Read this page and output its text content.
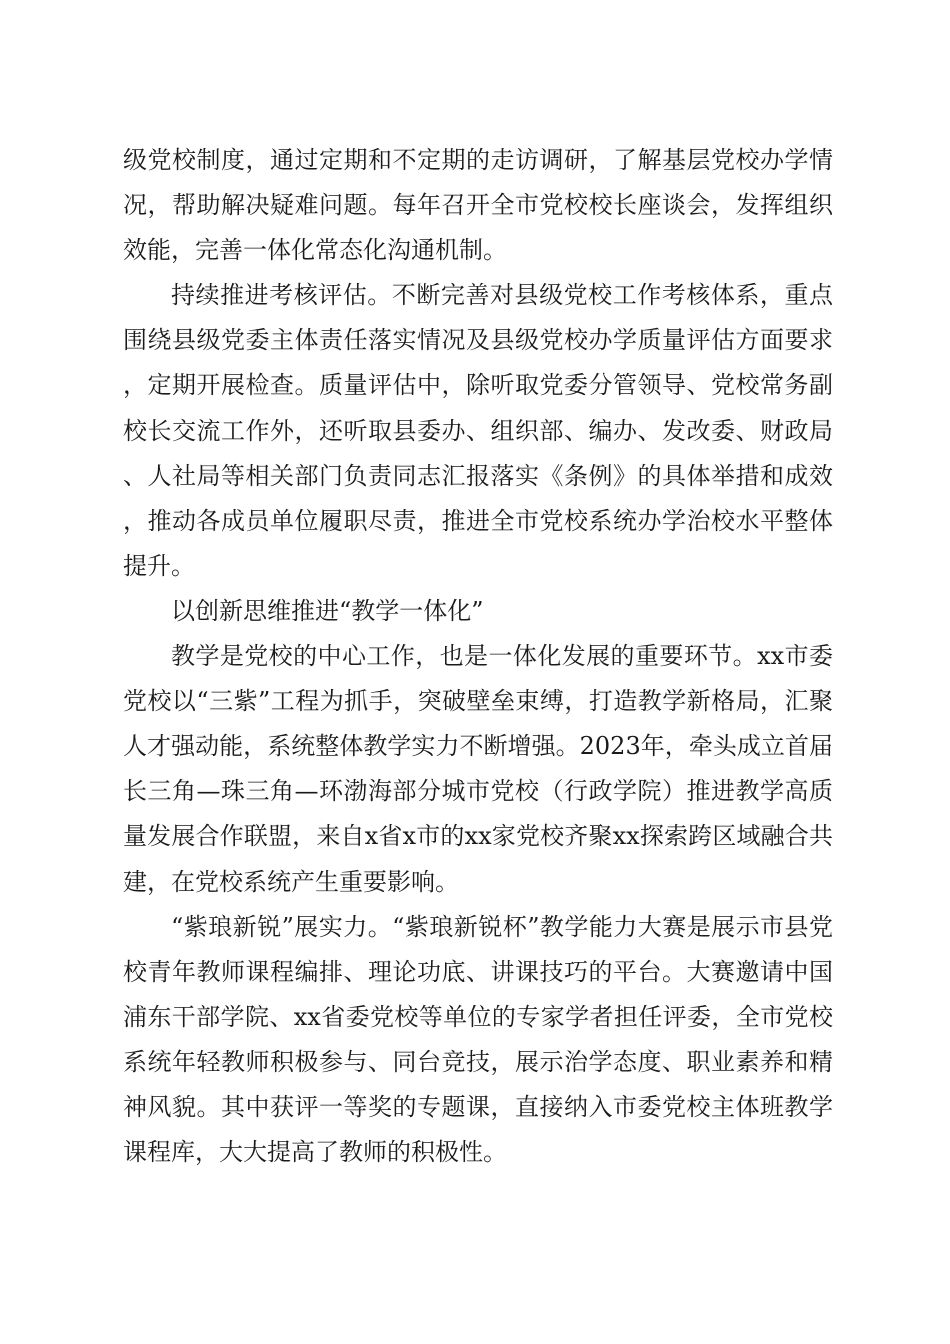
级党校制度，通过定期和不定期的走访调研，了解基层党校办学情况，帮助解决疑难问题。每年召开全市党校校长座谈会，发挥组织效能，完善一体化常态化沟通机制。

持续推进考核评估。不断完善对县级党校工作考核体系，重点围绕县级党委主体责任落实情况及县级党校办学质量评估方面要求，定期开展检查。质量评估中，除听取党委分管领导、党校常务副校长交流工作外，还听取县委办、组织部、编办、发改委、财政局、人社局等相关部门负责同志汇报落实《条例》的具体举措和成效，推动各成员单位履职尽责，推进全市党校系统办学治校水平整体提升。

以创新思维推进“教学一体化”

教学是党校的中心工作，也是一体化发展的重要环节。xx市委党校以“三紫”工程为抓手，突破壁垒束缚，打造教学新格局，汇聚人才强动能，系统整体教学实力不断增强。2023年，牵头成立首届长三角—珠三角—环渤海部分城市党校（行政学院）推进教学高质量发展合作联盟，来自x省x市的xx家党校齐聚xx探索跨区域融合共建，在党校系统产生重要影响。

“紫琅新锐”展实力。“紫琅新锐杯”教学能力大赛是展示市县党校青年教师课程编排、理论功底、讲课技巧的平台。大赛邀请中国浦东干部学院、xx省委党校等单位的专家学者担任评委，全市党校系统年轻教师积极参与、同台竞技，展示治学态度、职业素养和精神风貌。其中获评一等奖的专题课，直接纳入市委党校主体班教学课程库，大大提高了教师的积极性。
